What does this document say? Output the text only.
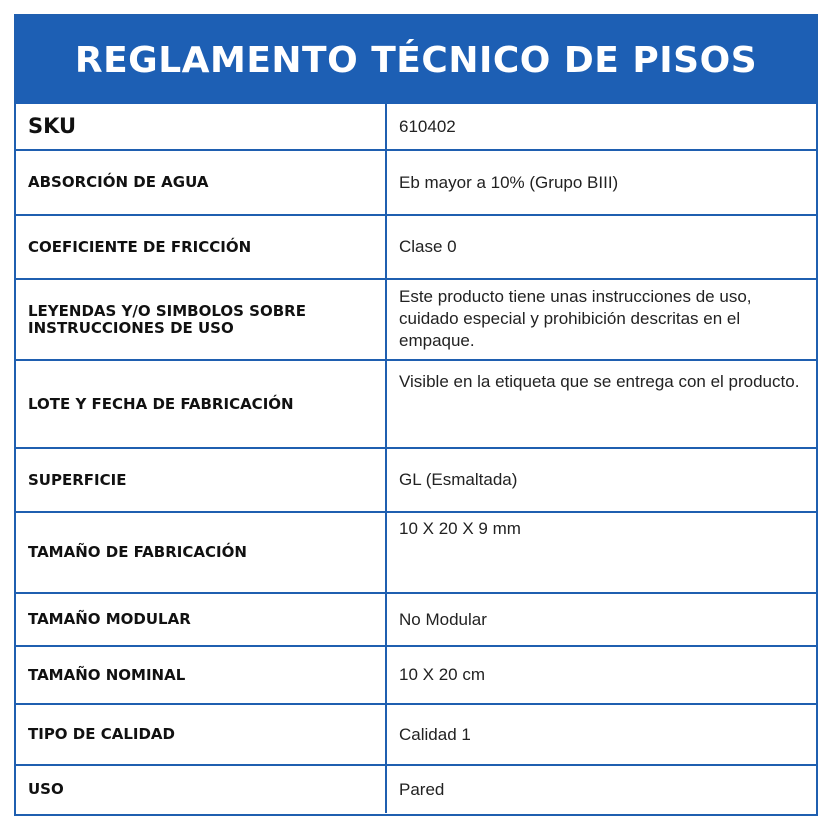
REGLAMENTO TÉCNICO DE PISOS
SKU	610402
ABSORCIÓN DE AGUA	Eb mayor a 10% (Grupo BIII)
COEFICIENTE DE FRICCIÓN	Clase 0
LEYENDAS Y/O SIMBOLOS SOBRE INSTRUCCIONES DE USO	Este producto tiene unas instrucciones de uso, cuidado especial y prohibición descritas en el empaque.
LOTE Y FECHA DE FABRICACIÓN	Visible en la etiqueta que se entrega con el producto.
SUPERFICIE	GL (Esmaltada)
TAMAÑO DE FABRICACIÓN	10 X 20 X 9 mm
TAMAÑO MODULAR	No Modular
TAMAÑO NOMINAL	10 X 20 cm
TIPO DE CALIDAD	Calidad 1
USO	Pared
